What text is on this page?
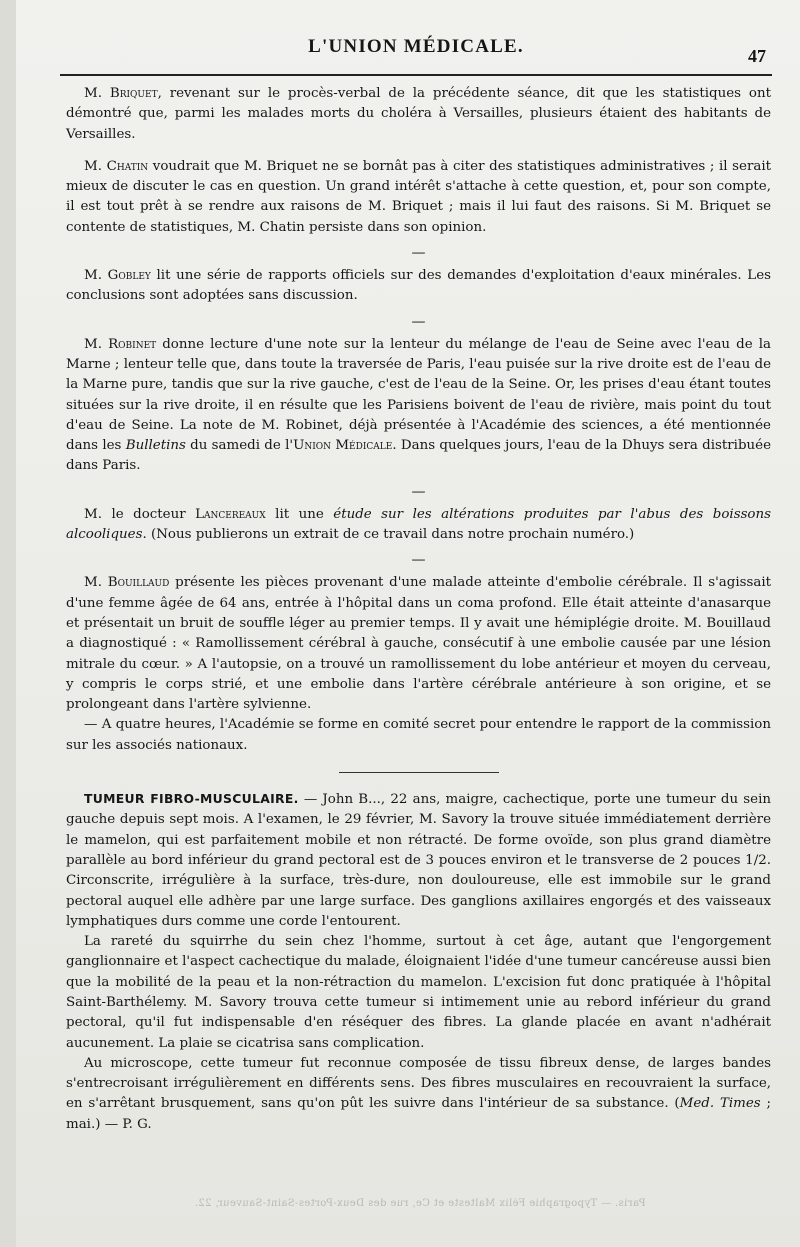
L'UNION MÉDICALE.	47

M. Briquet, revenant sur le procès-verbal de la précédente séance, dit que les statistiques ont démontré que, parmi les malades morts du choléra à Versailles, plusieurs étaient des habitants de Versailles.

M. Chatin voudrait que M. Briquet ne se bornât pas à citer des statistiques administratives ; il serait mieux de discuter le cas en question. Un grand intérêt s'attache à cette question, et, pour son compte, il est tout prêt à se rendre aux raisons de M. Briquet ; mais il lui faut des raisons. Si M. Briquet se contente de statistiques, M. Chatin persiste dans son opinion.

—

M. Gobley lit une série de rapports officiels sur des demandes d'exploitation d'eaux minérales. Les conclusions sont adoptées sans discussion.

—

M. Robinet donne lecture d'une note sur la lenteur du mélange de l'eau de Seine avec l'eau de la Marne ; lenteur telle que, dans toute la traversée de Paris, l'eau puisée sur la rive droite est de l'eau de la Marne pure, tandis que sur la rive gauche, c'est de l'eau de la Seine. Or, les prises d'eau étant toutes situées sur la rive droite, il en résulte que les Parisiens boivent de l'eau de rivière, mais point du tout d'eau de Seine. La note de M. Robinet, déjà présentée à l'Académie des sciences, a été mentionnée dans les Bulletins du samedi de l'Union Médicale. Dans quelques jours, l'eau de la Dhuys sera distribuée dans Paris.

—

M. le docteur Lancereaux lit une étude sur les altérations produites par l'abus des boissons alcooliques. (Nous publierons un extrait de ce travail dans notre prochain numéro.)

—

M. Bouillaud présente les pièces provenant d'une malade atteinte d'embolie cérébrale. Il s'agissait d'une femme âgée de 64 ans, entrée à l'hôpital dans un coma profond. Elle était atteinte d'anasarque et présentait un bruit de souffle léger au premier temps. Il y avait une hémiplégie droite. M. Bouillaud a diagnostiqué : « Ramollissement cérébral à gauche, consécutif à une embolie causée par une lésion mitrale du cœur. » A l'autopsie, on a trouvé un ramollissement du lobe antérieur et moyen du cerveau, y compris le corps strié, et une embolie dans l'artère cérébrale antérieure à son origine, et se prolongeant dans l'artère sylvienne.

— A quatre heures, l'Académie se forme en comité secret pour entendre le rapport de la commission sur les associés nationaux.

TUMEUR FIBRO-MUSCULAIRE. — John B..., 22 ans, maigre, cachectique, porte une tumeur du sein gauche depuis sept mois. A l'examen, le 29 février, M. Savory la trouve située immédiatement derrière le mamelon, qui est parfaitement mobile et non rétracté. De forme ovoïde, son plus grand diamètre parallèle au bord inférieur du grand pectoral est de 3 pouces environ et le transverse de 2 pouces 1/2. Circonscrite, irrégulière à la surface, très-dure, non douloureuse, elle est immobile sur le grand pectoral auquel elle adhère par une large surface. Des ganglions axillaires engorgés et des vaisseaux lymphatiques durs comme une corde l'entourent.

La rareté du squirrhe du sein chez l'homme, surtout à cet âge, autant que l'engorgement ganglionnaire et l'aspect cachectique du malade, éloignaient l'idée d'une tumeur cancéreuse aussi bien que la mobilité de la peau et la non-rétraction du mamelon. L'excision fut donc pratiquée à l'hôpital Saint-Barthélemy. M. Savory trouva cette tumeur si intimement unie au rebord inférieur du grand pectoral, qu'il fut indispensable d'en réséquer des fibres. La glande placée en avant n'adhérait aucunement. La plaie se cicatrisa sans complication.

Au microscope, cette tumeur fut reconnue composée de tissu fibreux dense, de larges bandes s'entrecroisant irrégulièrement en différents sens. Des fibres musculaires en recouvraient la surface, en s'arrêtant brusquement, sans qu'on pût les suivre dans l'intérieur de sa substance. (Med. Times ; mai.) — P. G.

Paris. — Typographie Félix Malteste et Ce, rue des Deux-Portes-Saint-Sauveur, 22.
